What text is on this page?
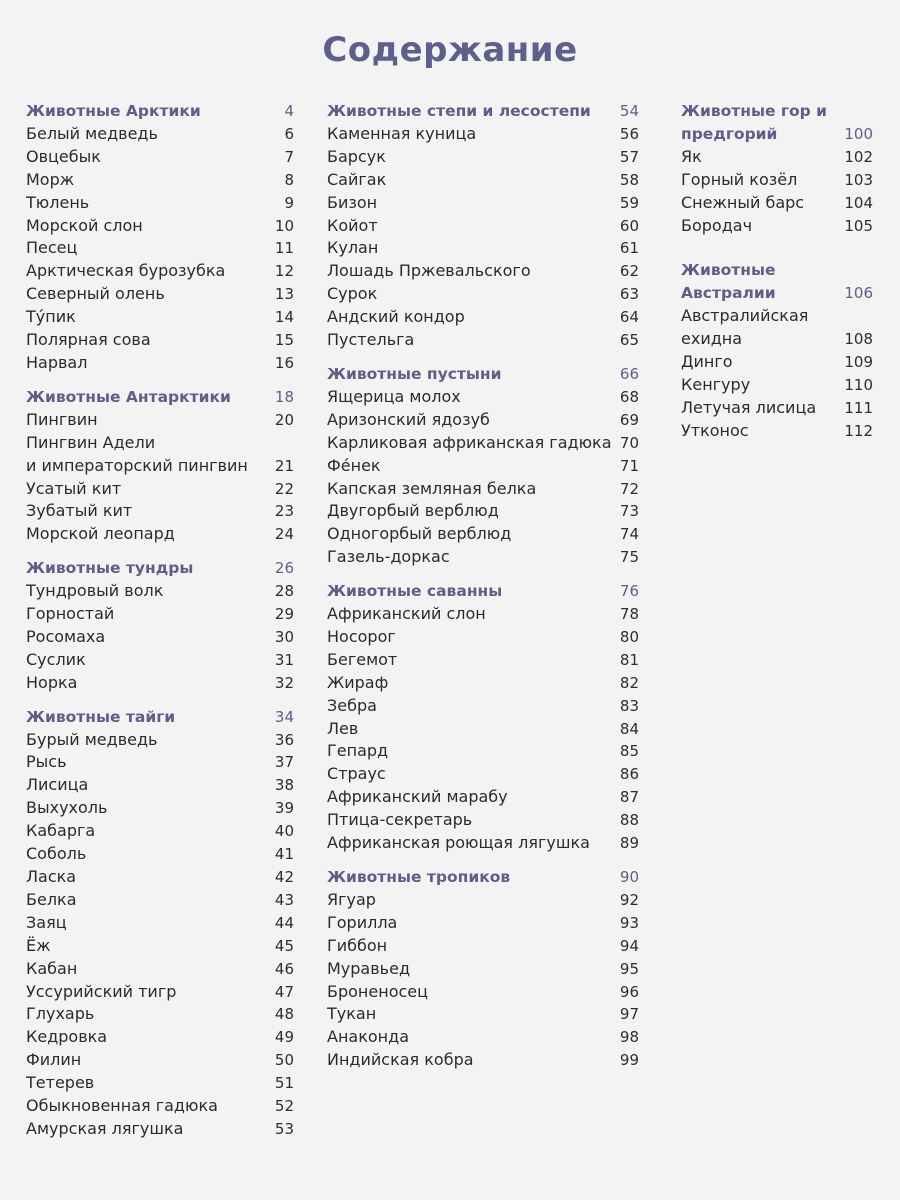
Содержание
Животные Арктики	4
Белый медведь	6
Овцебык	7
Морж	8
Тюлень	9
Морской слон	10
Песец	11
Арктическая бурозубка	12
Северный олень	13
Ту́пик	14
Полярная сова	15
Нарвал	16
Животные Антарктики	18
Пингвин	20
Пингвин Адели
и императорский пингвин 21
Усатый кит	22
Зубатый кит	23
Морской леопард	24
Животные тундры	26
Тундровый волк	28
Горностай	29
Росомаха	30
Суслик	31
Норка	32
Животные тайги	34
Бурый медведь	36
Рысь	37
Лисица	38
Выхухоль	39
Кабарга	40
Соболь	41
Ласка	42
Белка	43
Заяц	44
Ёж	45
Кабан	46
Уссурийский тигр	47
Глухарь	48
Кедровка	49
Филин	50
Тетерев	51
Обыкновенная гадюка	52
Амурская лягушка	53
Животные степи и лесостепи 54
Каменная куница	56
Барсук	57
Сайгак	58
Бизон	59
Койот	60
Кулан	61
Лошадь Пржевальского	62
Сурок	63
Андский кондор	64
Пустельга	65
Животные пустыни	66
Ящерица молох	68
Аризонский ядозуб	69
Карликовая африканская гадюка 70
Фе́нек	71
Капская земляная белка	72
Двугорбый верблюд	73
Одногорбый верблюд	74
Газель-доркас	75
Животные саванны	76
Африканский слон	78
Носорог	80
Бегемот	81
Жираф	82
Зебра	83
Лев	84
Гепард	85
Страус	86
Африканский марабу	87
Птица-секретарь	88
Африканская роющая лягушка 89
Животные тропиков	90
Ягуар	92
Горилла	93
Гиббон	94
Муравьед	95
Броненосец	96
Тукан	97
Анаконда	98
Индийская кобра	99
Животные гор и предгорий	100
Як	102
Горный козёл	103
Снежный барс	104
Бородач	105
Животные Австралии	106
Австралийская ехидна	108
Динго	109
Кенгуру	110
Летучая лисица 111
Утконос	112
